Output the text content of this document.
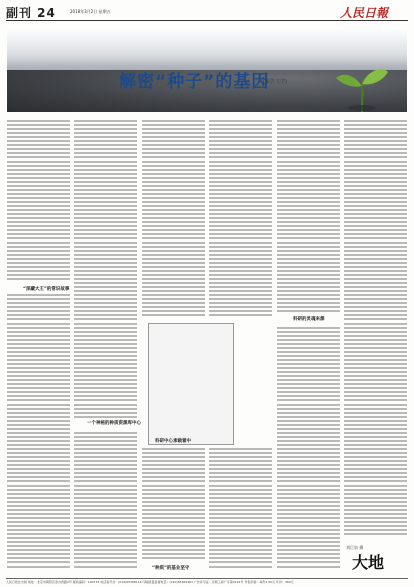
副刊 24	2018年3月2日 星期五	人民日報
解密“种子”的基因
(报告文学)
“深藏大王”的常识故事
一个神秘的种质资源库中心
科研中心承载着中
“种质”的基业坚守
科研的灵魂来源
刘巨泉 摄
大地
人民日报社出版 地址：北京市朝阳区金台西路2号 邮政编码：100733 电话查号台：(010)65368114 印刷质量监督电话：(010)65369463 广告许可证：京朝工商广字第0124号 零售价格：每份1.50元 年价：360元
